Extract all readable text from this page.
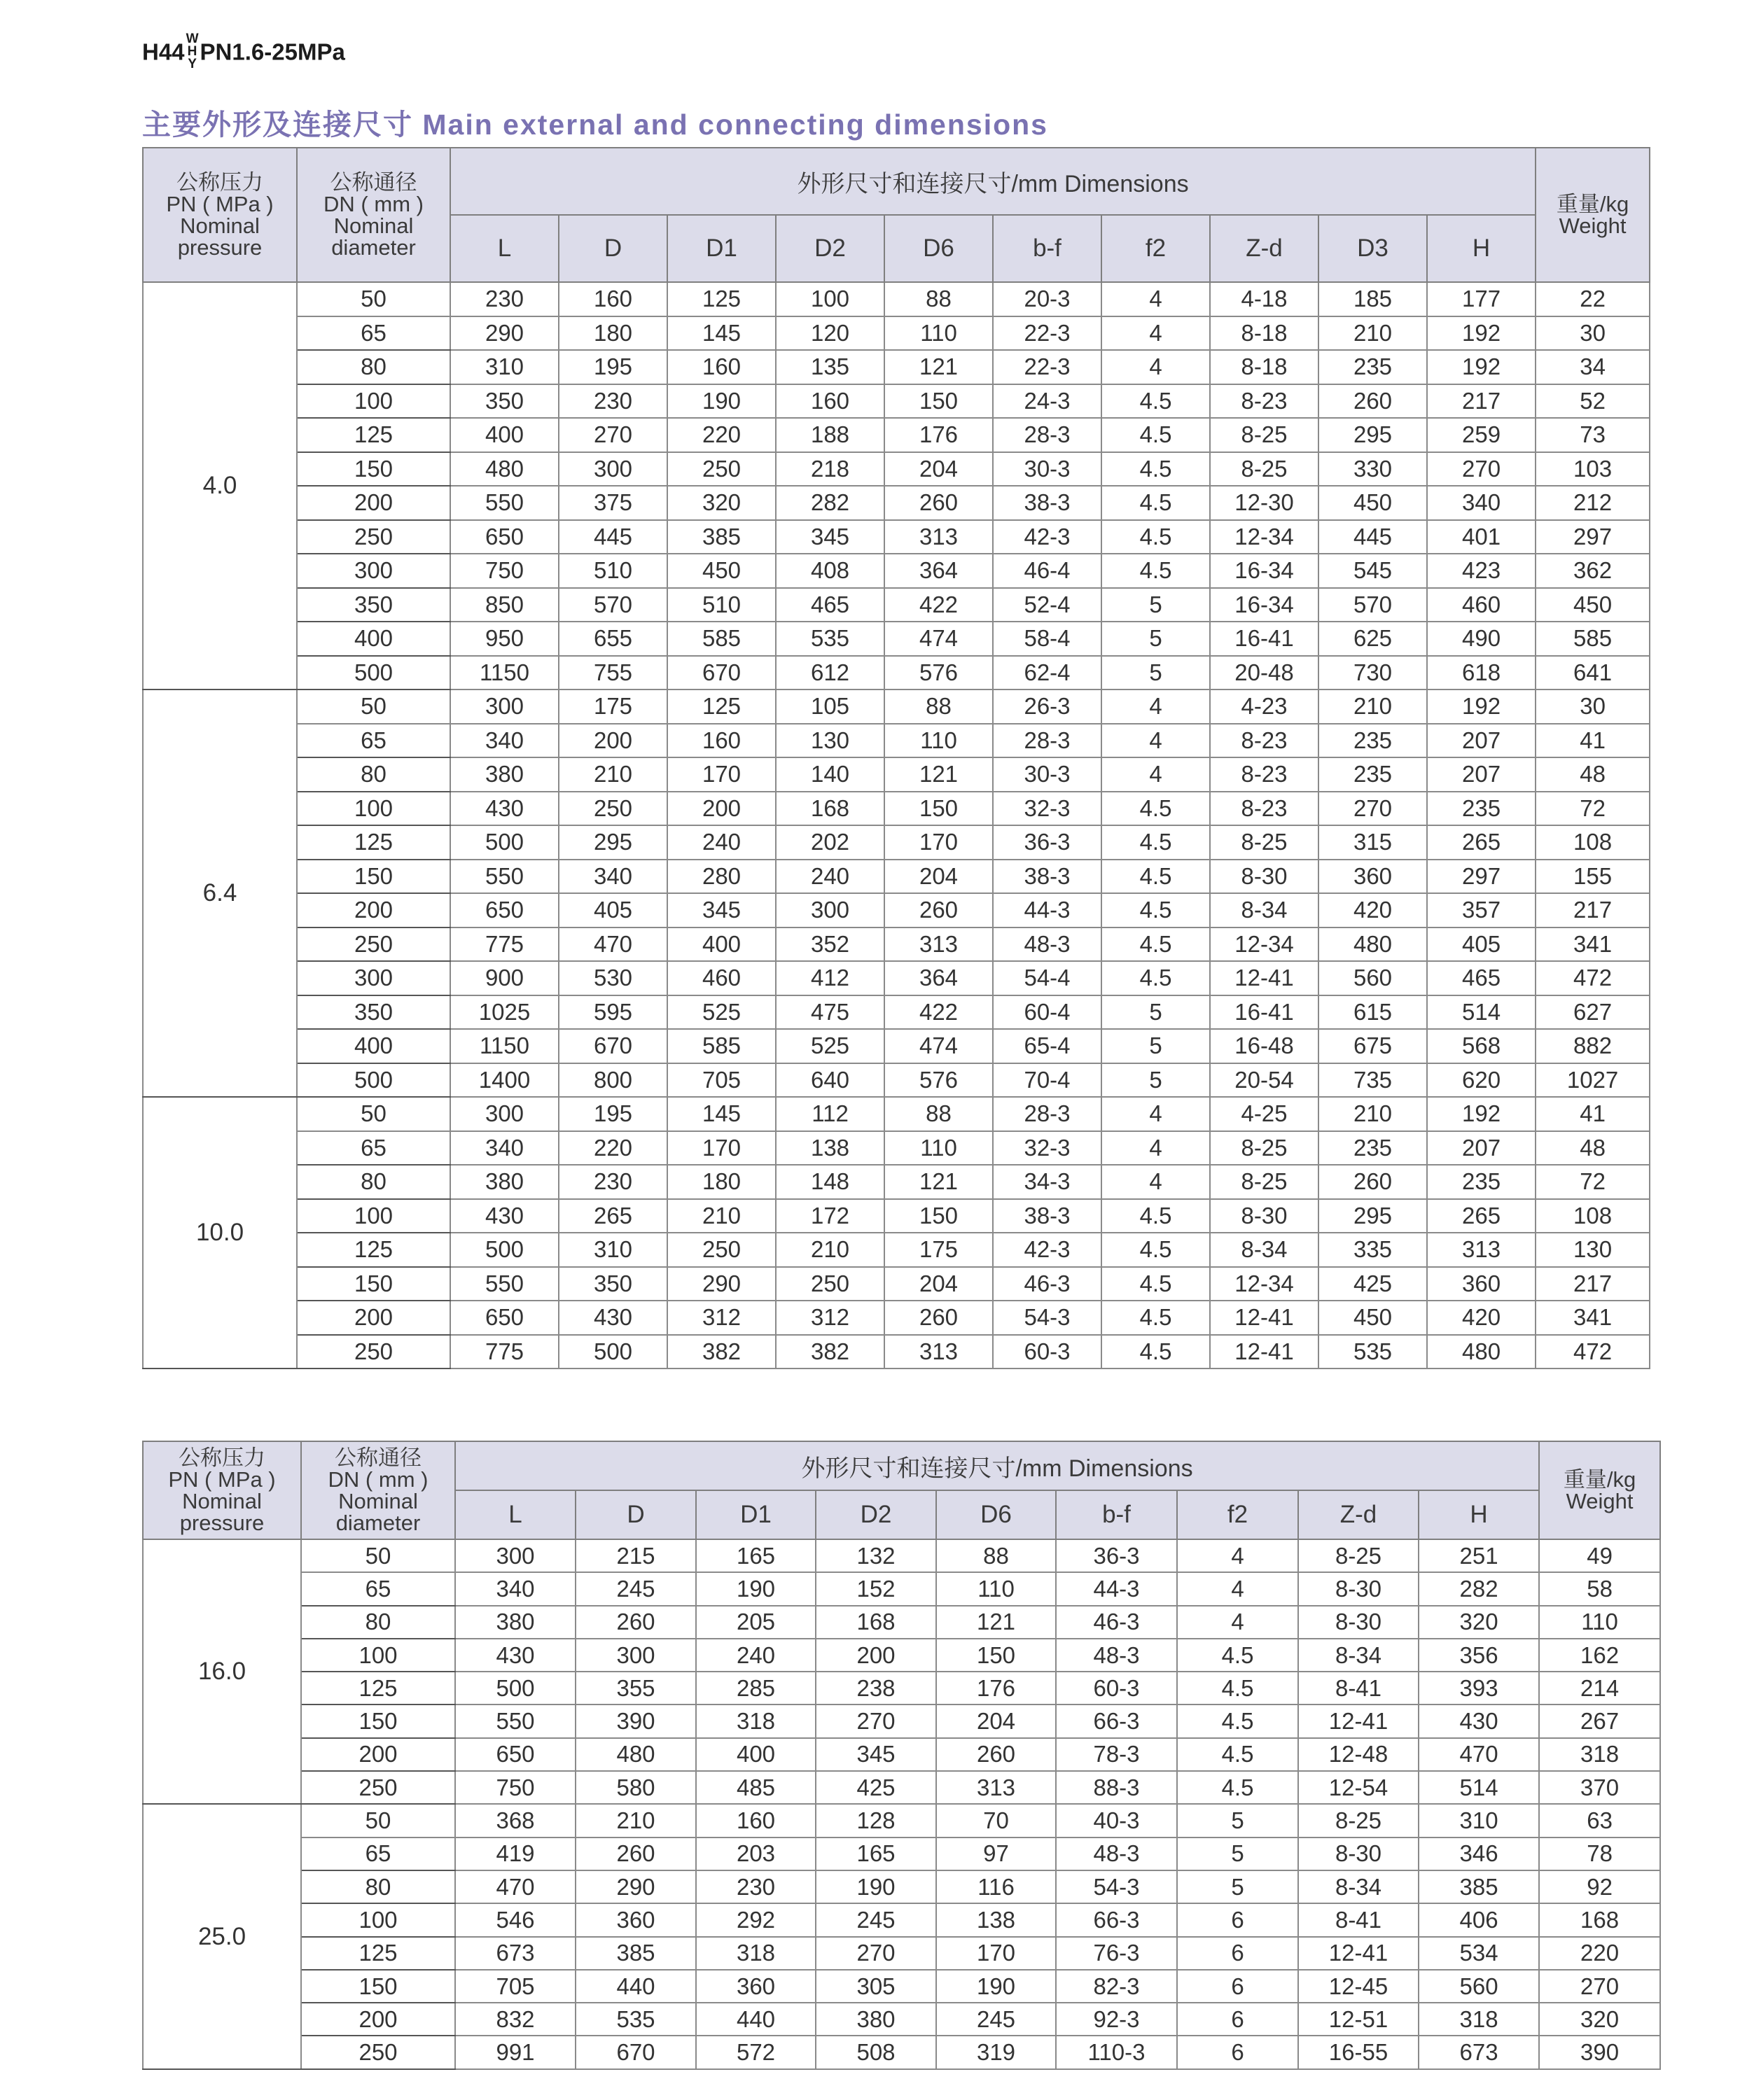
H44
W
H
Y PN1.6-25MPa
主要外形及连接尺寸 Main external and connecting dimensions
公称压力
PN ( MPa )
Nominal
pressure	公称通径
DN ( mm )
Nominal
diameter	外形尺寸和连接尺寸/mm Dimensions										重量/kg
Weight

		L	D	D1	D2	D6	b-f	f2	Z-d	D3	H	
4.0	50	230	160	125	100	88	20-3	4	4-18	185	177	22
	65	290	180	145	120	110	22-3	4	8-18	210	192	30
	80	310	195	160	135	121	22-3	4	8-18	235	192	34
	100	350	230	190	160	150	24-3	4.5	8-23	260	217	52
	125	400	270	220	188	176	28-3	4.5	8-25	295	259	73
	150	480	300	250	218	204	30-3	4.5	8-25	330	270	103
	200	550	375	320	282	260	38-3	4.5	12-30	450	340	212
	250	650	445	385	345	313	42-3	4.5	12-34	445	401	297
	300	750	510	450	408	364	46-4	4.5	16-34	545	423	362
	350	850	570	510	465	422	52-4	5	16-34	570	460	450
	400	950	655	585	535	474	58-4	5	16-41	625	490	585
	500	1150	755	670	612	576	62-4	5	20-48	730	618	641
6.4	50	300	175	125	105	88	26-3	4	4-23	210	192	30
	65	340	200	160	130	110	28-3	4	8-23	235	207	41
	80	380	210	170	140	121	30-3	4	8-23	235	207	48
	100	430	250	200	168	150	32-3	4.5	8-23	270	235	72
	125	500	295	240	202	170	36-3	4.5	8-25	315	265	108
	150	550	340	280	240	204	38-3	4.5	8-30	360	297	155
	200	650	405	345	300	260	44-3	4.5	8-34	420	357	217
	250	775	470	400	352	313	48-3	4.5	12-34	480	405	341
	300	900	530	460	412	364	54-4	4.5	12-41	560	465	472
	350	1025	595	525	475	422	60-4	5	16-41	615	514	627
	400	1150	670	585	525	474	65-4	5	16-48	675	568	882
	500	1400	800	705	640	576	70-4	5	20-54	735	620	1027
10.0	50	300	195	145	112	88	28-3	4	4-25	210	192	41
	65	340	220	170	138	110	32-3	4	8-25	235	207	48
	80	380	230	180	148	121	34-3	4	8-25	260	235	72
	100	430	265	210	172	150	38-3	4.5	8-30	295	265	108
	125	500	310	250	210	175	42-3	4.5	8-34	335	313	130
	150	550	350	290	250	204	46-3	4.5	12-34	425	360	217
	200	650	430	312	312	260	54-3	4.5	12-41	450	420	341
	250	775	500	382	382	313	60-3	4.5	12-41	535	480	472
公称压力
PN ( MPa )
Nominal
pressure	公称通径
DN ( mm )
Nominal
diameter	外形尺寸和连接尺寸/mm Dimensions									重量/kg
Weight

		L	D	D1	D2	D6	b-f	f2	Z-d	H	
16.0	50	300	215	165	132	88	36-3	4	8-25	251	49
	65	340	245	190	152	110	44-3	4	8-30	282	58
	80	380	260	205	168	121	46-3	4	8-30	320	110
	100	430	300	240	200	150	48-3	4.5	8-34	356	162
	125	500	355	285	238	176	60-3	4.5	8-41	393	214
	150	550	390	318	270	204	66-3	4.5	12-41	430	267
	200	650	480	400	345	260	78-3	4.5	12-48	470	318
	250	750	580	485	425	313	88-3	4.5	12-54	514	370
25.0	50	368	210	160	128	70	40-3	5	8-25	310	63
	65	419	260	203	165	97	48-3	5	8-30	346	78
	80	470	290	230	190	116	54-3	5	8-34	385	92
	100	546	360	292	245	138	66-3	6	8-41	406	168
	125	673	385	318	270	170	76-3	6	12-41	534	220
	150	705	440	360	305	190	82-3	6	12-45	560	270
	200	832	535	440	380	245	92-3	6	12-51	318	320
	250	991	670	572	508	319	110-3	6	16-55	673	390
